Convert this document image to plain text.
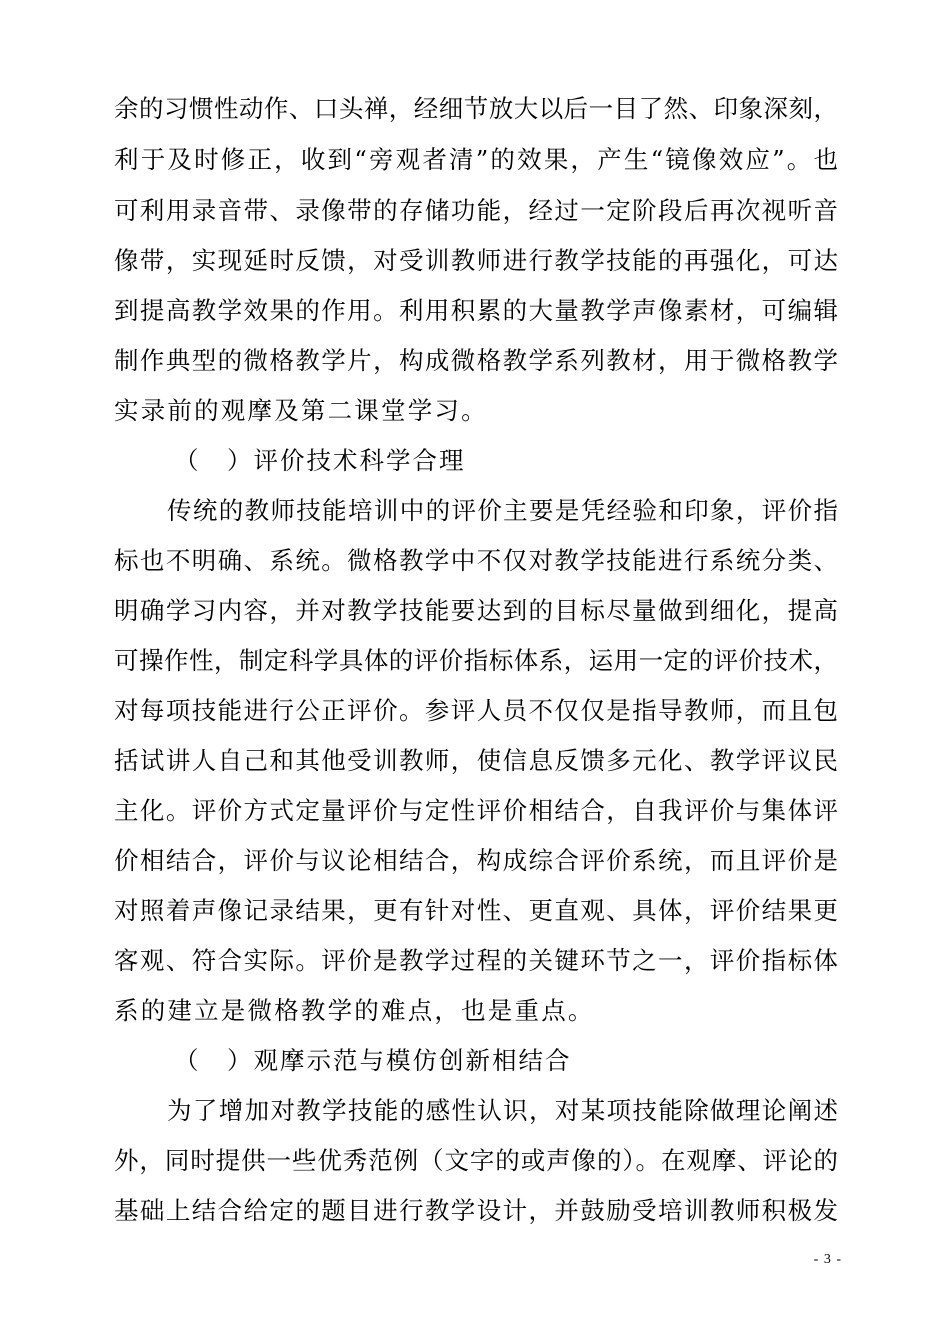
余的习惯性动作、口头禅，经细节放大以后一目了然、印象深刻，
利于及时修正，收到“旁观者清”的效果，产生“镜像效应”。也
可利用录音带、录像带的存储功能，经过一定阶段后再次视听音
像带，实现延时反馈，对受训教师进行教学技能的再强化，可达
到提高教学效果的作用。利用积累的大量教学声像素材，可编辑
制作典型的微格教学片，构成微格教学系列教材，用于微格教学
实录前的观摩及第二课堂学习。
（　）评价技术科学合理
传统的教师技能培训中的评价主要是凭经验和印象，评价指
标也不明确、系统。微格教学中不仅对教学技能进行系统分类、
明确学习内容，并对教学技能要达到的目标尽量做到细化，提高
可操作性，制定科学具体的评价指标体系，运用一定的评价技术，
对每项技能进行公正评价。参评人员不仅仅是指导教师，而且包
括试讲人自己和其他受训教师，使信息反馈多元化、教学评议民
主化。评价方式定量评价与定性评价相结合，自我评价与集体评
价相结合，评价与议论相结合，构成综合评价系统，而且评价是
对照着声像记录结果，更有针对性、更直观、具体，评价结果更
客观、符合实际。评价是教学过程的关键环节之一，评价指标体
系的建立是微格教学的难点，也是重点。
（　）观摩示范与模仿创新相结合
为了增加对教学技能的感性认识，对某项技能除做理论阐述
外，同时提供一些优秀范例（文字的或声像的）。在观摩、评论的
基础上结合给定的题目进行教学设计，并鼓励受培训教师积极发
- 3 -
